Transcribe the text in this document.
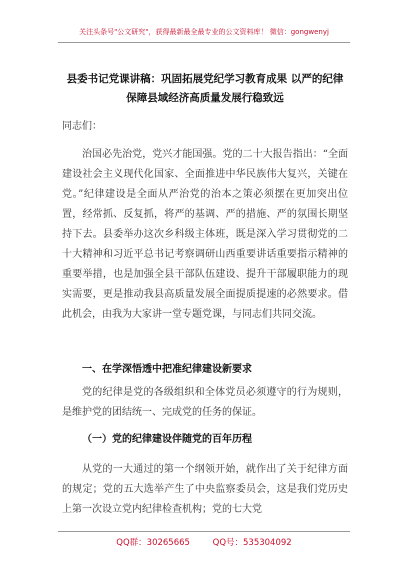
关注头条号"公文研究"，获得最新最全最专业的公文资料库！ 微信：gongwenyj
县委书记党课讲稿：巩固拓展党纪学习教育成果 以严的纪律保障县域经济高质量发展行稳致远
同志们：
治国必先治党，党兴才能国强。党的二十大报告指出：“全面建设社会主义现代化国家、全面推进中华民族伟大复兴，关键在党。”纪律建设是全面从严治党的治本之策必须摆在更加突出位置，经常抓、反复抓，将严的基调、严的措施、严的氛围长期坚持下去。县委举办这次乡科级主体班，既是深入学习贯彻党的二十大精神和习近平总书记考察调研山西重要讲话重要指示精神的重要举措，也是加强全县干部队伍建设、提升干部履职能力的现实需要，更是推动我县高质量发展全面提质提速的必然要求。借此机会，由我为大家讲一堂专题党课，与同志们共同交流。
一、在学深悟透中把准纪律建设新要求
党的纪律是党的各级组织和全体党员必须遵守的行为规则，是维护党的团结统一、完成党的任务的保证。
（一）党的纪律建设伴随党的百年历程
从党的一大通过的第一个纲领开始，就作出了关于纪律方面的规定；党的五大选举产生了中央监察委员会，这是我们党历史上第一次设立党内纪律检查机构；党的七大党
QQ群：30265665	QQ号：535304092
